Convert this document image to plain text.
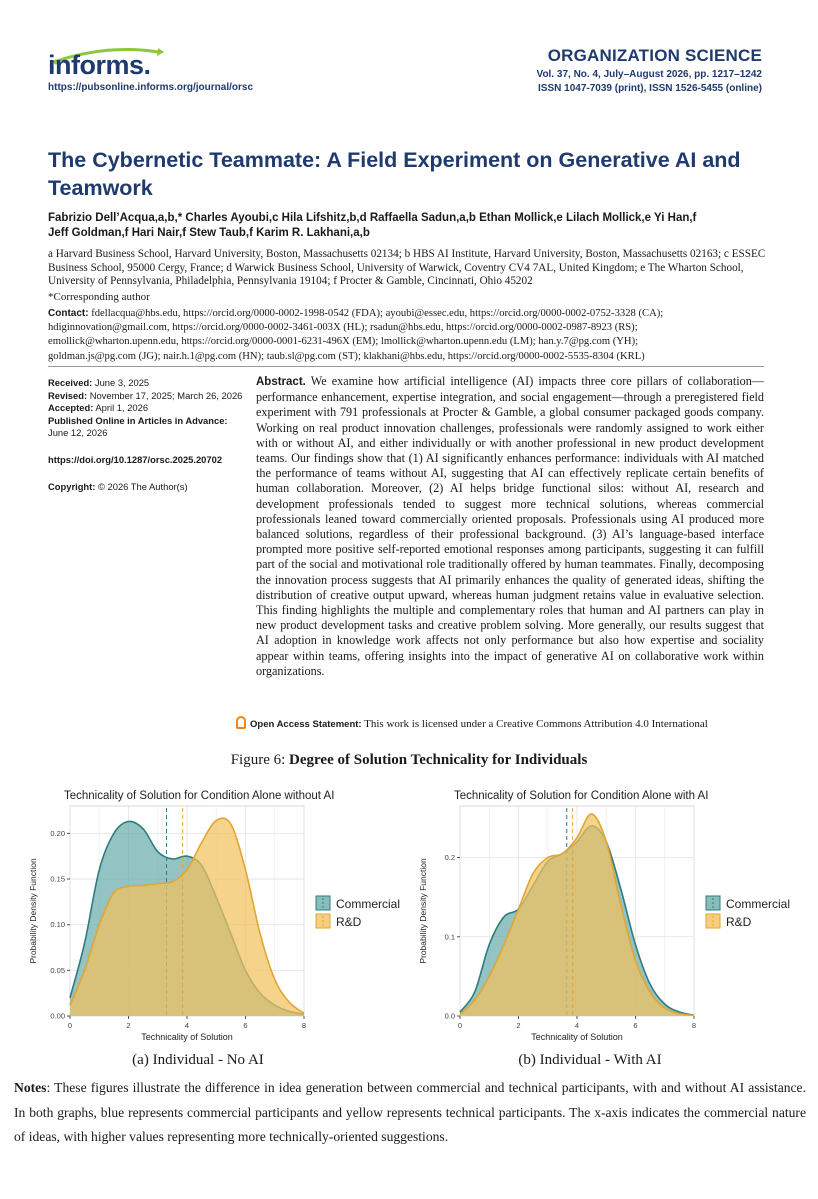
informs.
https://pubsonline.informs.org/journal/orsc
ORGANIZATION SCIENCE
Vol. 37, No. 4, July–August 2026, pp. 1217–1242
ISSN 1047-7039 (print), ISSN 1526-5455 (online)
The Cybernetic Teammate: A Field Experiment on Generative AI and Teamwork
Fabrizio Dell’Acqua,a,b,* Charles Ayoubi,c Hila Lifshitz,b,d Raffaella Sadun,a,b Ethan Mollick,e Lilach Mollick,e Yi Han,f
Jeff Goldman,f Hari Nair,f Stew Taub,f Karim R. Lakhani,a,b
a Harvard Business School, Harvard University, Boston, Massachusetts 02134; b HBS AI Institute, Harvard University, Boston, Massachusetts 02163; c ESSEC Business School, 95000 Cergy, France; d Warwick Business School, University of Warwick, Coventry CV4 7AL, United Kingdom; e The Wharton School, University of Pennsylvania, Philadelphia, Pennsylvania 19104; f Procter & Gamble, Cincinnati, Ohio 45202
*Corresponding author
Contact: fdellacqua@hbs.edu, https://orcid.org/0000-0002-1998-0542 (FDA); ayoubi@essec.edu, https://orcid.org/0000-0002-0752-3328 (CA);
hdiginnovation@gmail.com, https://orcid.org/0000-0002-3461-003X (HL); rsadun@hbs.edu, https://orcid.org/0000-0002-0987-8923 (RS);
emollick@wharton.upenn.edu, https://orcid.org/0000-0001-6231-496X (EM); lmollick@wharton.upenn.edu (LM); han.y.7@pg.com (YH);
goldman.js@pg.com (JG); nair.h.1@pg.com (HN); taub.sl@pg.com (ST); klakhani@hbs.edu, https://orcid.org/0000-0002-5535-8304 (KRL)
Received: June 3, 2025
Revised: November 17, 2025; March 26, 2026
Accepted: April 1, 2026
Published Online in Articles in Advance: June 12, 2026
https://doi.org/10.1287/orsc.2025.20702
Copyright: © 2026 The Author(s)
Abstract. We examine how artificial intelligence (AI) impacts three core pillars of collaboration—performance enhancement, expertise integration, and social engagement—through a preregistered field experiment with 791 professionals at Procter & Gamble, a global consumer packaged goods company. Working on real product innovation challenges, professionals were randomly assigned to work either with or without AI, and either individually or with another professional in new product development teams. Our findings show that (1) AI significantly enhances performance: individuals with AI matched the performance of teams without AI, suggesting that AI can effectively replicate certain benefits of human collaboration. Moreover, (2) AI helps bridge functional silos: without AI, research and development professionals tended to suggest more technical solutions, whereas commercial professionals leaned toward commercially oriented proposals. Professionals using AI produced more balanced solutions, regardless of their professional background. (3) AI’s language-based interface prompted more positive self-reported emotional responses among participants, suggesting it can fulfill part of the social and motivational role traditionally offered by human teammates. Finally, decomposing the innovation process suggests that AI primarily enhances the quality of generated ideas, shifting the distribution of creative output upward, whereas human judgment retains value in evaluative selection. This finding highlights the multiple and complementary roles that human and AI partners can play in new product development tasks and creative problem solving. More generally, our results suggest that AI adoption in knowledge work affects not only performance but also how expertise and sociality appear within teams, offering insights into the impact of generative AI on collaborative work within organizations.
Open Access Statement: This work is licensed under a Creative Commons Attribution 4.0 International
Figure 6: Degree of Solution Technicality for Individuals
Technicality of Solution for Condition Alone without AI
0	2	4	6	8
0.00
0.05
0.10
0.15
0.20
Technicality of Solution
Probability Density Function	Commercial
R&D
Technicality of Solution for Condition Alone with AI
0	2	4	6	8
0.0
0.1
0.2
Technicality of Solution
Probability Density Function	Commercial
R&D
(a) Individual - No AI	(b) Individual - With AI
Notes: These figures illustrate the difference in idea generation between commercial and technical participants, with and without AI assistance. In both graphs, blue represents commercial participants and yellow represents technical participants. The x-axis indicates the commercial nature of ideas, with higher values representing more technically-oriented suggestions.
